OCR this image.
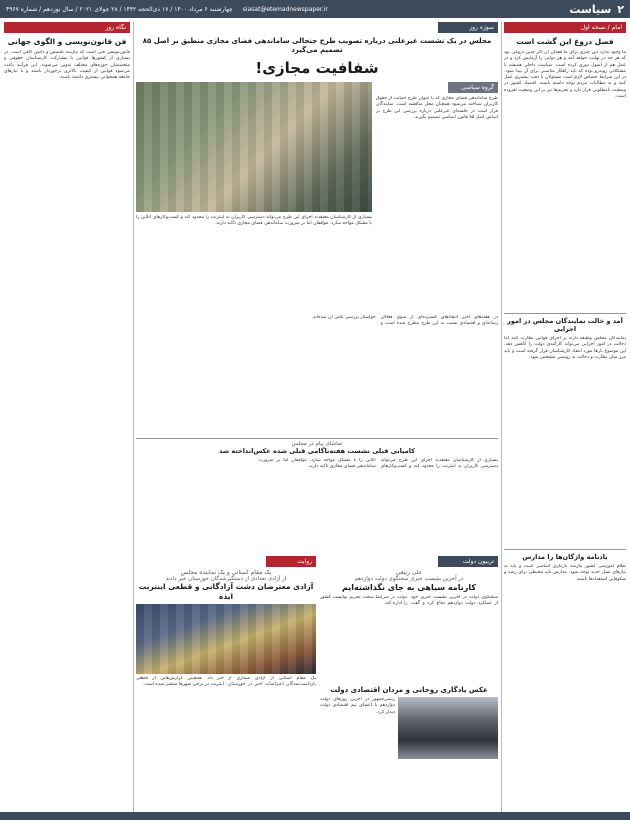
۲
سیاست
siasat@etemadnewspaper.ir
چهارشنبه ۶ مرداد ۱۴۰۰ / ۱۷ ذی‌الحجه ۱۴۴۲ / ۲۸ جولای ۲۰۲۱ / سال نوزدهم / شماره ۴۹۶۷
امام / نسخه اول
فصل دروغ این گشت است
ما وجود ندارد دین چیزی برای ما فقدان آن اگر چنین دروغی بود که هر چه در نهایت خواهد آمد و هر دولتی را آزمایش کرد و در عمل هم از اصول دوری کرده است. سیاست داخلی همیشه با مشکلاتی روبه‌رو بوده که باید راهکار مناسبی برای آن پیدا شود. در این شرایط حساس لازم است مسئولان با دقت بیشتری عمل کنند و به مطالبات مردم توجه داشته باشند. اقتصاد کشور در وضعیت نامطلوبی قرار دارد و تحریم‌ها نیز بر این وضعیت افزوده است.
آمد و خالت نمایندگان مجلس در امور اجرایی
نمایندگان مجلس وظیفه دارند بر اجرای قوانین نظارت کنند اما دخالت در امور اجرایی می‌تواند کارآمدی دولت را کاهش دهد. این موضوع بارها مورد انتقاد کارشناسان قرار گرفته است و باید مرز میان نظارت و دخالت به روشنی مشخص شود.
یادنامه واژگان‌ها را مدارس
نظام آموزشی کشور نیازمند بازنگری اساسی است و باید به نیازهای نسل جدید توجه شود. مدارس باید محیطی برای رشد و شکوفایی استعدادها باشند.
سوژه روز
مجلس در یک نشست غیرعلنی درباره تصویب طرح جنجالی ساماندهی فضای مجازی منطبق بر اصل ۸۵ تصمیم می‌گیرد
شفافیت مجازی!
گروه سیاسی
طرح ساماندهی فضای مجازی که با عنوان طرح حمایت از حقوق کاربران شناخته می‌شود همچنان محل مناقشه است. نمایندگان قرار است در جلسه‌ای غیرعلنی درباره بررسی این طرح بر اساس اصل ۸۵ قانون اساسی تصمیم بگیرند.
بسیاری از کارشناسان معتقدند اجرای این طرح می‌تواند دسترسی کاربران به اینترنت را محدود کند و کسب‌وکارهای آنلاین را با مشکل مواجه سازد. موافقان اما بر ضرورت ساماندهی فضای مجازی تاکید دارند.
در هفته‌های اخیر انتقادهای گسترده‌ای از سوی فعالان رسانه‌ای و اقتصادی نسبت به این طرح مطرح شده است و خواستار بررسی علنی آن شده‌اند.
تماشای پیام در مجلس
کامیابی قبلی نشست هفته‌ناگامی قبلی شده عکس‌انداخته شد
بسیاری از کارشناسان معتقدند اجرای این طرح می‌تواند دسترسی کاربران به اینترنت را محدود کند و کسب‌وکارهای آنلاین را با مشکل مواجه سازد. موافقان اما بر ضرورت ساماندهی فضای مجازی تاکید دارند.
تریبون دولت
علی ربیعی
در آخرین نشست خبری سخنگوی دولت دوازدهم
کارنامه سیاهی به جای نگذاشته‌ایم
سخنگوی دولت در آخرین نشست خبری خود از عملکرد دولت دوازدهم دفاع کرد و گفت دولت در شرایط سخت تحریم توانست کشور را اداره کند.
عکس یادگاری روحانی و مردان اقتصادی دولت
رییس‌جمهور در آخرین روزهای دولت دوازدهم با اعضای تیم اقتصادی دولت دیدار کرد.
روایت
یک مقام استانی و یک نماینده مجلس
از آزادی تعدادی از دستگیرشدگان خوزستان خبر دادند
آزادی معترضان دشت آزادگانی و قطعی اینترنت ایذه
یک مقام استانی از آزادی شماری از بازداشت‌شدگان اعتراضات اخیر در خوزستان خبر داد. همچنین گزارش‌هایی از قطعی اینترنت در برخی شهرها منتشر شده است.
نگاه روز
فن قانون‌نویسی و الگوی جهانی
قانون‌نویسی فنی است که نیازمند تخصص و دانش کافی است. در بسیاری از کشورها قوانین با مشارکت کارشناسان حقوقی و متخصصان حوزه‌های مختلف تدوین می‌شوند. این فرآیند باعث می‌شود قوانین از کیفیت بالاتری برخوردار باشند و با نیازهای جامعه همخوانی بیشتری داشته باشند.
